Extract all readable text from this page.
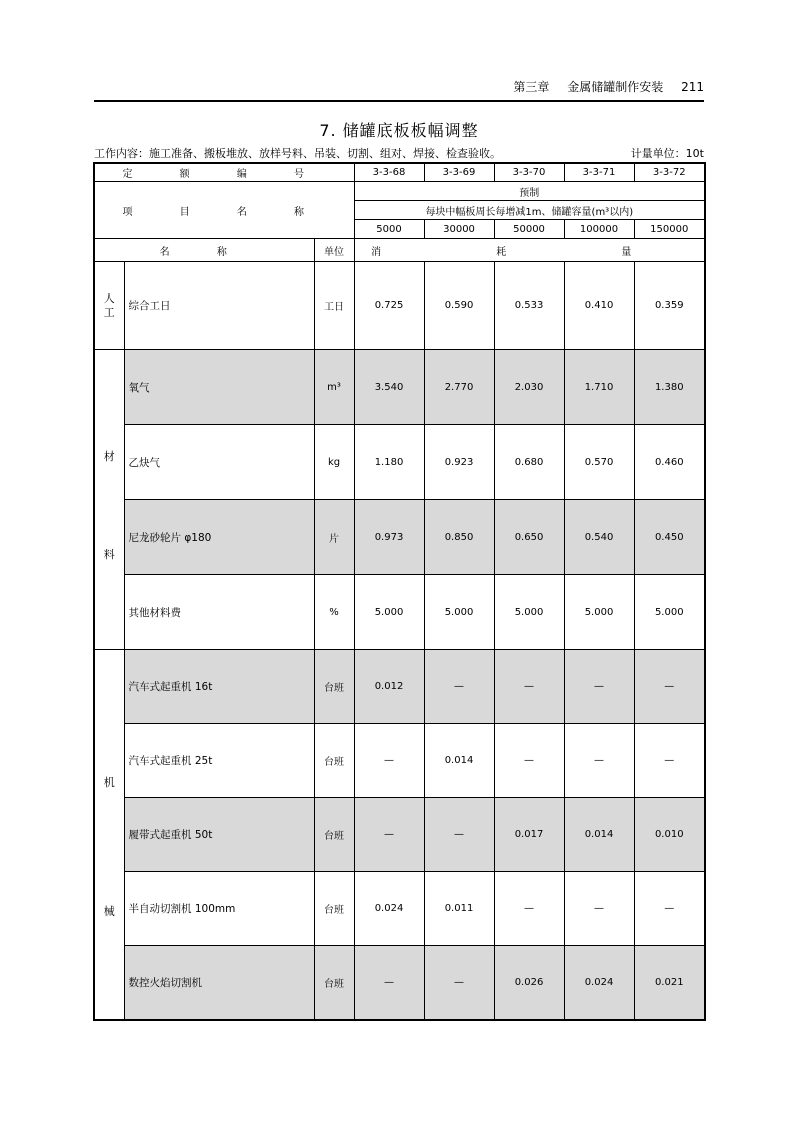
第三章 金属储罐制作安装 211
7. 储罐底板板幅调整
工作内容：施工准备、搬板堆放、放样号料、吊装、切割、组对、焊接、检查验收。	计量单位：10t
定 额 编 号			3-3-68	3-3-69	3-3-70	3-3-71	3-3-72
项 目 名 称			预制				
			每块中幅板周长每增减1m、储罐容量(m³以内)				
			5000	30000	50000	100000	150000
名 称		单位	消 耗 量				

人
工	综合工日	工日	0.725	0.590	0.533	0.410	0.359

材
料	氧气	m³	3.540	2.770	2.030	1.710	1.380
	乙炔气	kg	1.180	0.923	0.680	0.570	0.460
	尼龙砂轮片 φ180	片	0.973	0.850	0.650	0.540	0.450
	其他材料费	%	5.000	5.000	5.000	5.000	5.000

机
械	汽车式起重机 16t	台班	0.012	—	—	—	—
	汽车式起重机 25t	台班	—	0.014	—	—	—
	履带式起重机 50t	台班	—	—	0.017	0.014	0.010
	半自动切割机 100mm	台班	0.024	0.011	—	—	—
	数控火焰切割机	台班	—	—	0.026	0.024	0.021
